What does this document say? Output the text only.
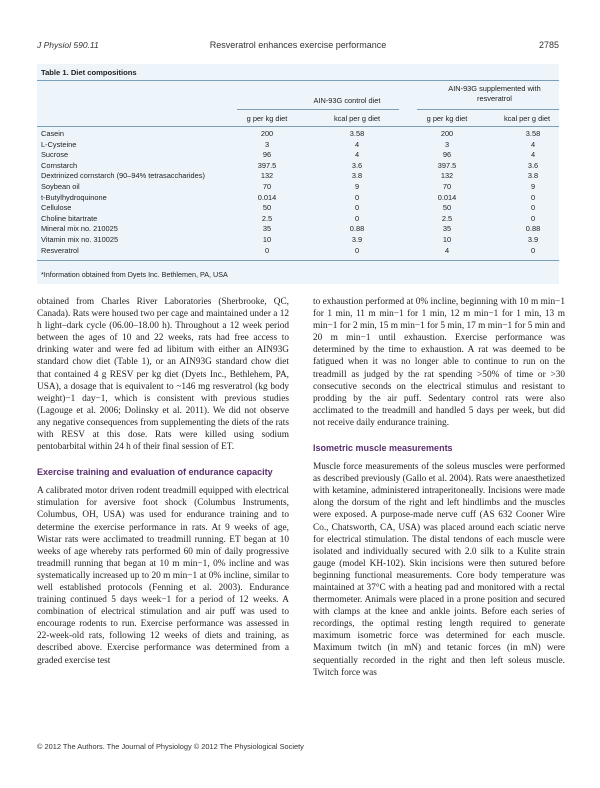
J Physiol 590.11	Resveratrol enhances exercise performance	2785
Table 1. Diet compositions
AIN-93G control diet
AIN-93G supplemented with resveratrol
g per kg diet	kcal per g diet	g per kg diet	kcal per g diet
Casein	200	3.58	200	3.58
L-Cysteine	3	4	3	4
Sucrose	96	4	96	4
Cornstarch	397.5	3.6	397.5	3.6
Dextrinized cornstarch (90–94% tetrasaccharides)	132	3.8	132	3.8
Soybean oil	70	9	70	9
t-Butylhydroquinone	0.014	0	0.014	0
Cellulose	50	0	50	0
Choline bitartrate	2.5	0	2.5	0
Mineral mix no. 210025	35	0.88	35	0.88
Vitamin mix no. 310025	10	3.9	10	3.9
Resveratrol	0	0	4	0
*Information obtained from Dyets Inc. Bethlemen, PA, USA

obtained from Charles River Laboratories (Sherbrooke, QC, Canada). Rats were housed two per cage and maintained under a 12 h light–dark cycle (06.00–18.00 h). Throughout a 12 week period between the ages of 10 and 22 weeks, rats had free access to drinking water and were fed ad libitum with either an AIN93G standard chow diet (Table 1), or an AIN93G standard chow diet that contained 4 g RESV per kg diet (Dyets Inc., Bethlehem, PA, USA), a dosage that is equivalent to ~146 mg resveratrol (kg body weight)−1 day−1, which is consistent with previous studies (Lagouge et al. 2006; Dolinsky et al. 2011). We did not observe any negative consequences from supplementing the diets of the rats with RESV at this dose. Rats were killed using sodium pentobarbital within 24 h of their final session of ET.

Exercise training and evaluation of endurance capacity

A calibrated motor driven rodent treadmill equipped with electrical stimulation for aversive foot shock (Columbus Instruments, Columbus, OH, USA) was used for endurance training and to determine the exercise performance in rats. At 9 weeks of age, Wistar rats were acclimated to treadmill running. ET began at 10 weeks of age whereby rats performed 60 min of daily progressive treadmill running that began at 10 m min−1, 0% incline and was systematically increased up to 20 m min−1 at 0% incline, similar to well established protocols (Fenning et al. 2003). Endurance training continued 5 days week−1 for a period of 12 weeks. A combination of electrical stimulation and air puff was used to encourage rodents to run. Exercise performance was assessed in 22-week-old rats, following 12 weeks of diets and training, as described above. Exercise performance was determined from a graded exercise test

to exhaustion performed at 0% incline, beginning with 10 m min−1 for 1 min, 11 m min−1 for 1 min, 12 m min−1 for 1 min, 13 m min−1 for 2 min, 15 m min−1 for 5 min, 17 m min−1 for 5 min and 20 m min−1 until exhaustion. Exercise performance was determined by the time to exhaustion. A rat was deemed to be fatigued when it was no longer able to continue to run on the treadmill as judged by the rat spending >50% of time or >30 consecutive seconds on the electrical stimulus and resistant to prodding by the air puff. Sedentary control rats were also acclimated to the treadmill and handled 5 days per week, but did not receive daily endurance training.

Isometric muscle measurements

Muscle force measurements of the soleus muscles were performed as described previously (Gallo et al. 2004). Rats were anaesthetized with ketamine, administered intraperitoneally. Incisions were made along the dorsum of the right and left hindlimbs and the muscles were exposed. A purpose-made nerve cuff (AS 632 Cooner Wire Co., Chatsworth, CA, USA) was placed around each sciatic nerve for electrical stimulation. The distal tendons of each muscle were isolated and individually secured with 2.0 silk to a Kulite strain gauge (model KH-102). Skin incisions were then sutured before beginning functional measurements. Core body temperature was maintained at 37°C with a heating pad and monitored with a rectal thermometer. Animals were placed in a prone position and secured with clamps at the knee and ankle joints. Before each series of recordings, the optimal resting length required to generate maximum isometric force was determined for each muscle. Maximum twitch (in mN) and tetanic forces (in mN) were sequentially recorded in the right and then left soleus muscle. Twitch force was

© 2012 The Authors. The Journal of Physiology © 2012 The Physiological Society
